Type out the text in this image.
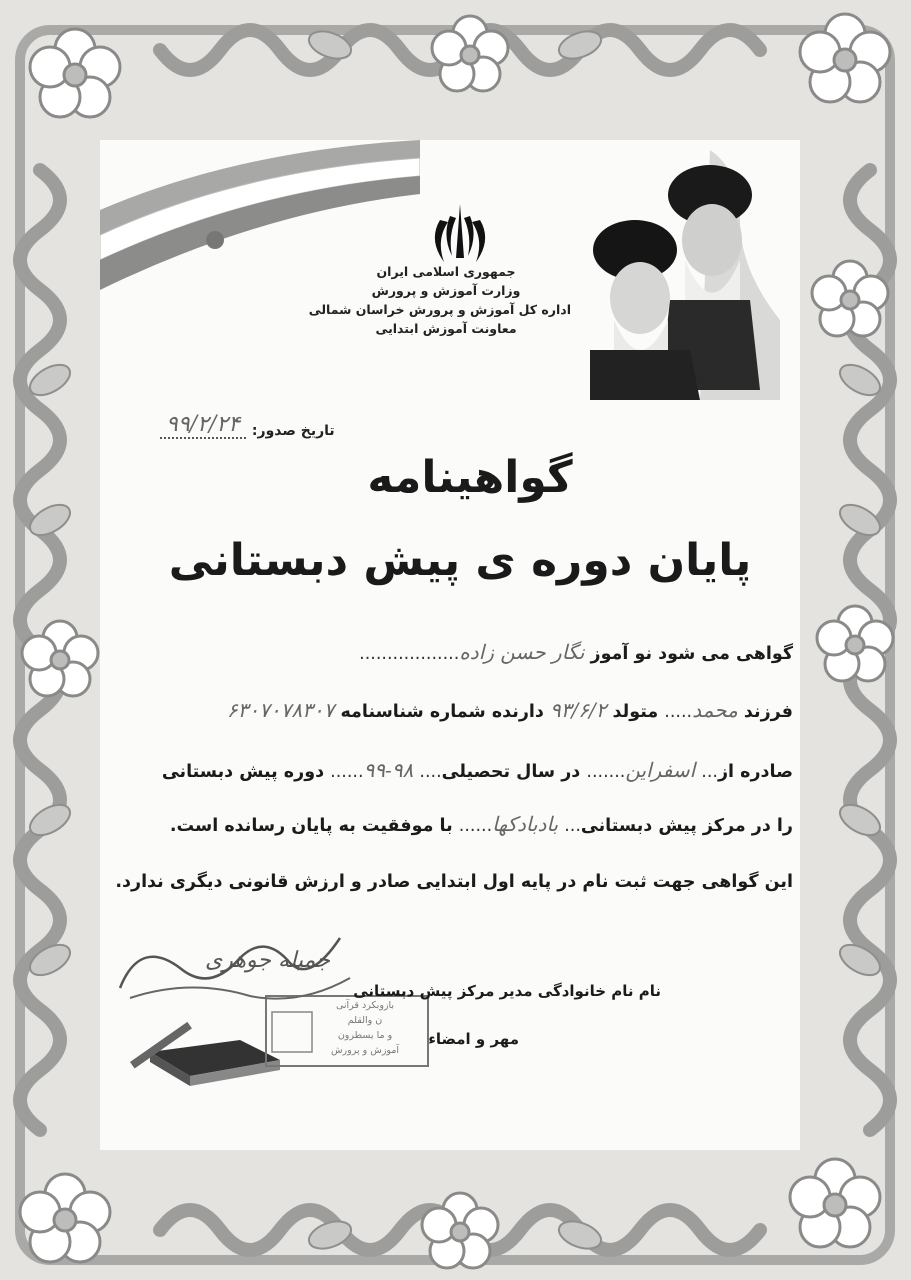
جمهوری اسلامی ایران
وزارت آموزش و پرورش
اداره کل آموزش و پرورش خراسان شمالی
معاونت آموزش ابتدایی
تاریخ صدور:
۹۹/۲/۲۴
گواهینامه
پایان دوره ی پیش دبستانی
گواهی می شود نو آموز نگار حسن زاده..................
فرزند محمد..... متولد ۹۳/۶/۲ دارنده شماره شناسنامه ۶۳۰۷۰۷۸۳۰۷
صادره از... اسفراین....... در سال تحصیلی.... ۹۸-۹۹...... دوره پیش دبستانی
را در مرکز پیش دبستانی... بادبادکها...... با موفقیت به پایان رسانده است.
این گواهی جهت ثبت نام در پایه اول ابتدایی صادر و ارزش قانونی دیگری ندارد.
بازوبکرد قرآنی
ن والقلم
و ما یسطرون
آموزش و پرورش
نام نام خانوادگی مدیر مرکز پیش دبستانی
مهر و امضاء
جمیله جوهری
